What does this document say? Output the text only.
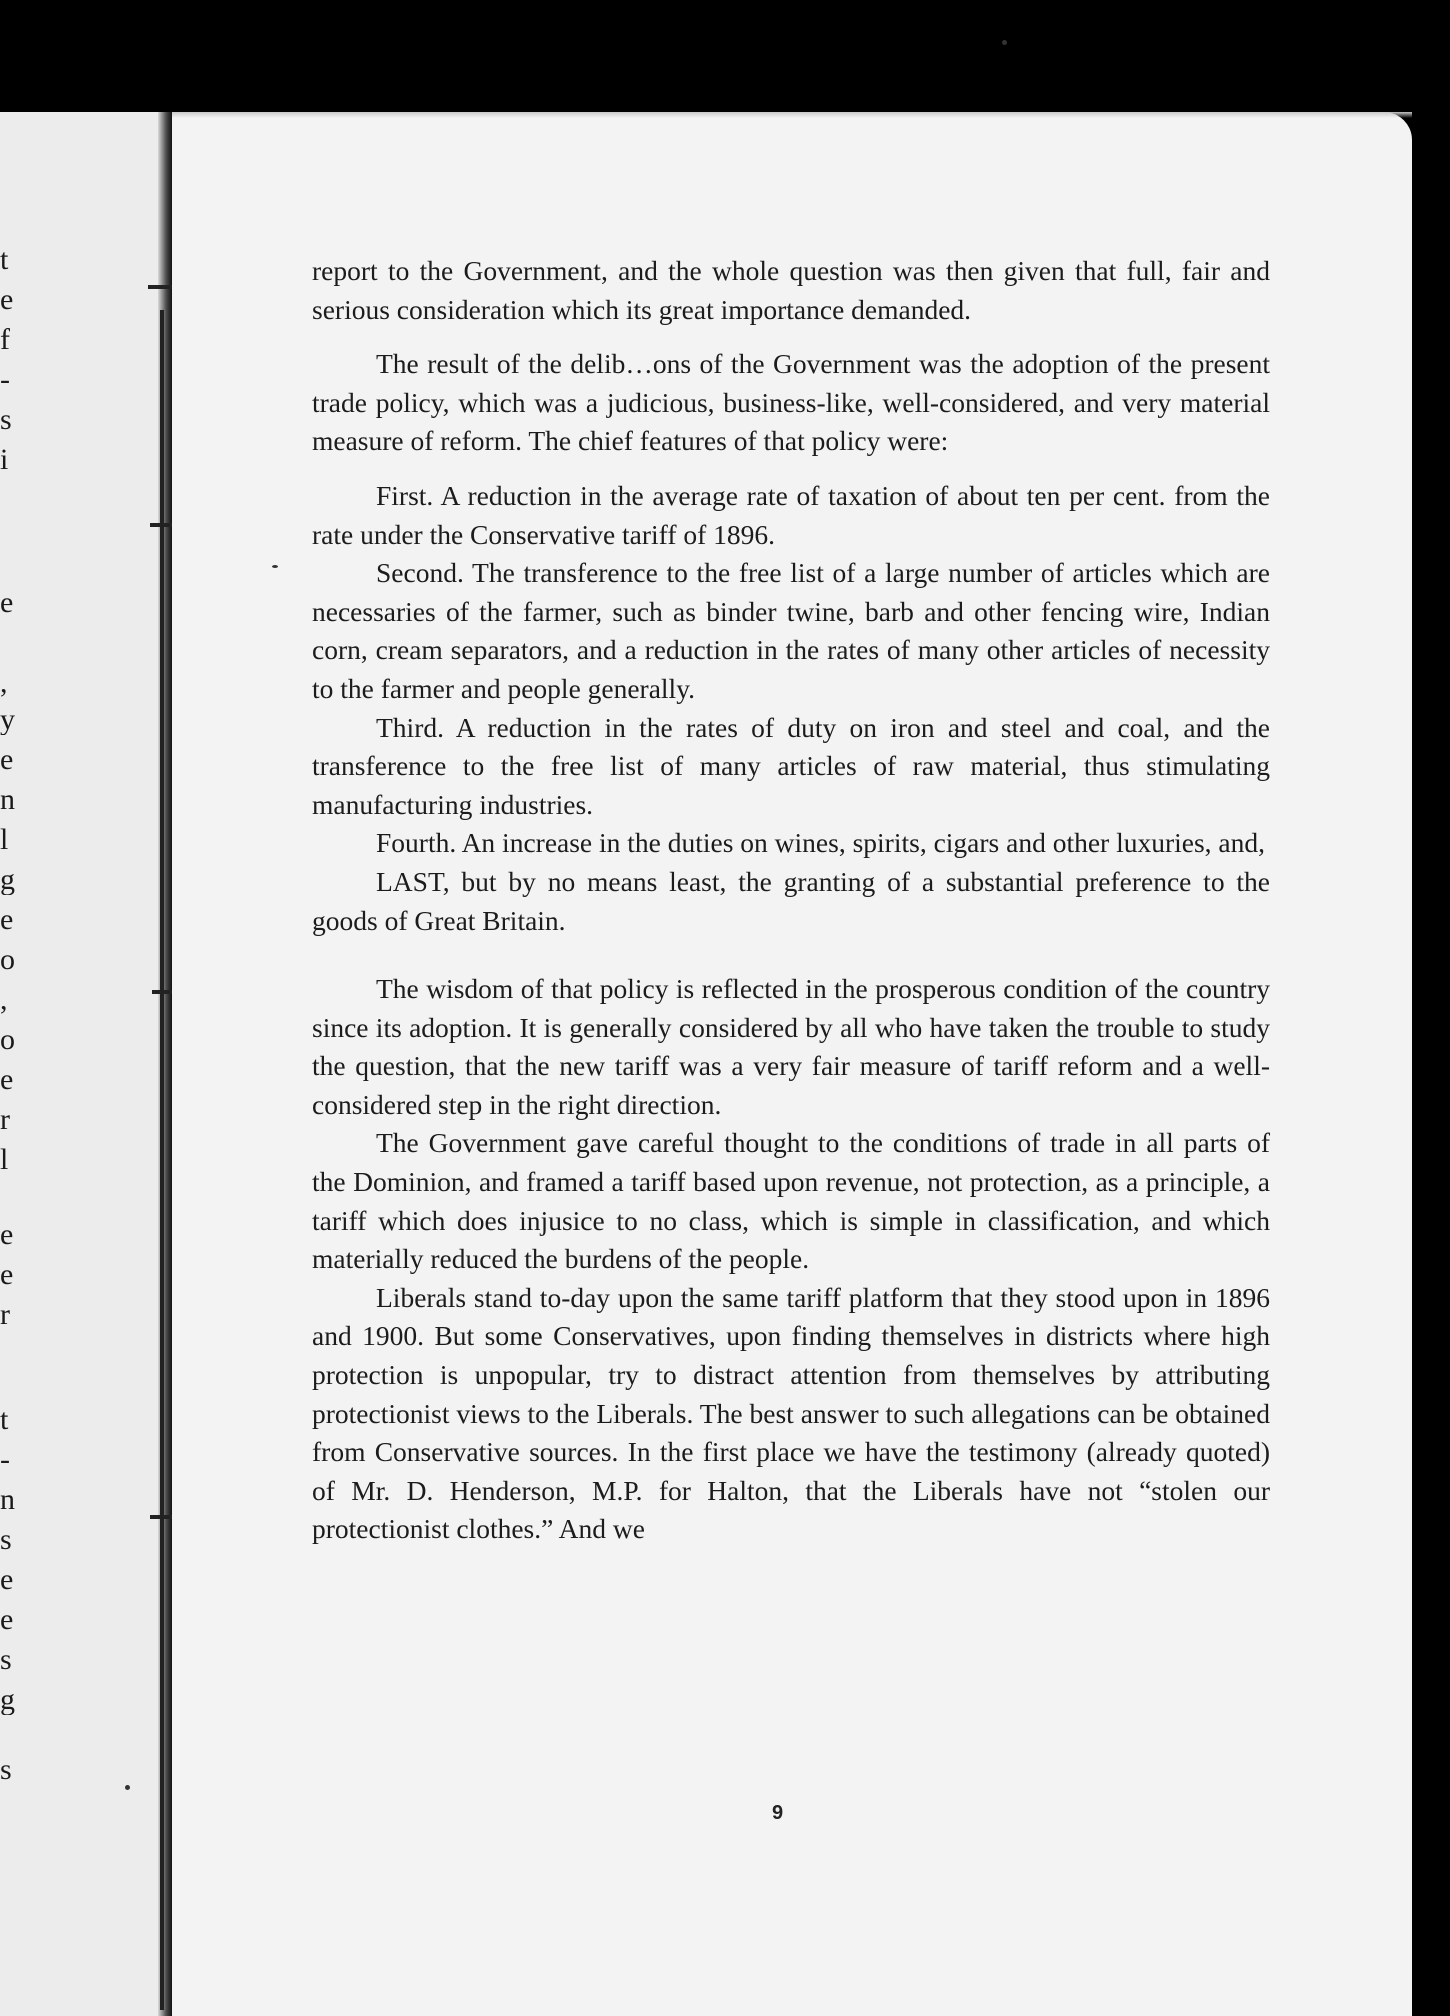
t
e
f
-
s
i
e
,
y
e
n
l
g
e
o
,
o
e
r
l
e
e
r
t
-
n
s
e
e
s
g
s

report to the Government, and the whole question was then given that full, fair and serious consideration which its great importance demanded.

The result of the delib…ons of the Government was the adoption of the present trade policy, which was a judicious, business-like, well-considered, and very material measure of reform. The chief features of that policy were:

First. A reduction in the average rate of taxation of about ten per cent. from the rate under the Conservative tariff of 1896.

Second. The transference to the free list of a large number of articles which are necessaries of the farmer, such as binder twine, barb and other fencing wire, Indian corn, cream separators, and a reduction in the rates of many other articles of necessity to the farmer and people generally.

Third. A reduction in the rates of duty on iron and steel and coal, and the transference to the free list of many articles of raw material, thus stimulating manufacturing industries.

Fourth. An increase in the duties on wines, spirits, cigars and other luxuries, and,

LAST, but by no means least, the granting of a substantial preference to the goods of Great Britain.

The wisdom of that policy is reflected in the prosperous condition of the country since its adoption. It is generally considered by all who have taken the trouble to study the question, that the new tariff was a very fair measure of tariff reform and a well-considered step in the right direction.

The Government gave careful thought to the conditions of trade in all parts of the Dominion, and framed a tariff based upon revenue, not protection, as a principle, a tariff which does injusice to no class, which is simple in classification, and which materially reduced the burdens of the people.

Liberals stand to-day upon the same tariff platform that they stood upon in 1896 and 1900. But some Conservatives, upon finding themselves in districts where high protection is unpopular, try to distract attention from themselves by attributing protectionist views to the Liberals. The best answer to such allegations can be obtained from Conservative sources. In the first place we have the testimony (already quoted) of Mr. D. Henderson, M.P. for Halton, that the Liberals have not “stolen our protectionist clothes.” And we

9
